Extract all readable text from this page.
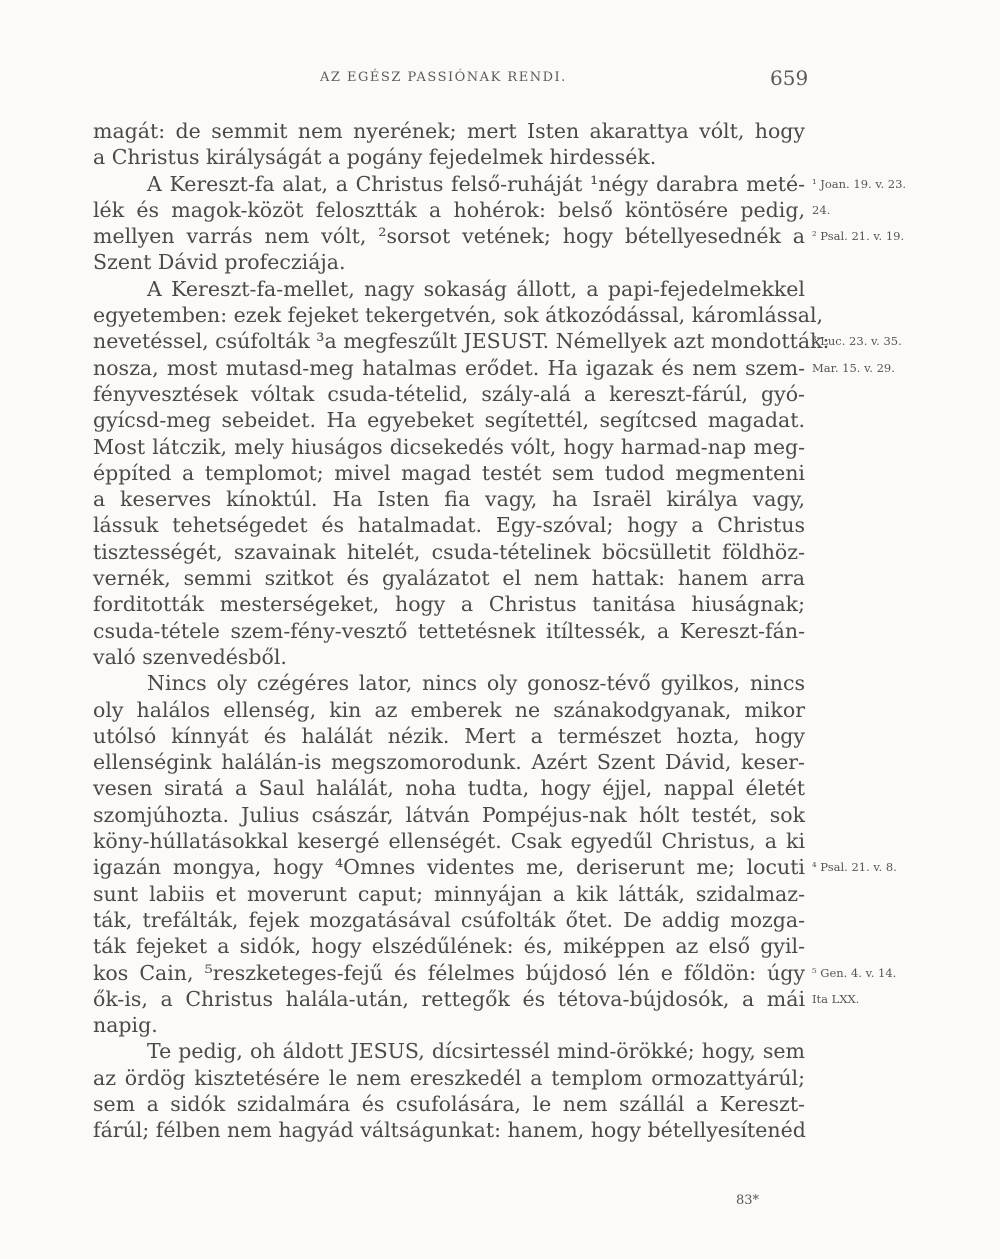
AZ EGÉSZ PASSIÓNAK RENDI.	659
magát: de semmit nem nyerének; mert Isten akarattya vólt, hogy
a Christus királyságát a pogány fejedelmek hirdessék.
A Kereszt-fa alat, a Christus felső-ruháját ¹négy darabra meté-
lék és magok-közöt felosztták a hohérok: belső köntösére pedig,
mellyen varrás nem vólt, ²sorsot vetének; hogy bétellyesednék a
Szent Dávid profecziája.
A Kereszt-fa-mellet, nagy sokaság állott, a papi-fejedelmekkel
egyetemben: ezek fejeket tekergetvén, sok átkozódással, káromlással,
nevetéssel, csúfolták ³a megfeszűlt JESUST. Némellyek azt mondották:
nosza, most mutasd-meg hatalmas erődet. Ha igazak és nem szem-
fényvesztések vóltak csuda-tételid, szály-alá a kereszt-fárúl, gyó-
gyícsd-meg sebeidet. Ha egyebeket segítettél, segítcsed magadat.
Most látczik, mely hiuságos dicsekedés vólt, hogy harmad-nap meg-
éppíted a templomot; mivel magad testét sem tudod megmenteni
a keserves kínoktúl. Ha Isten fia vagy, ha Israël királya vagy,
lássuk tehetségedet és hatalmadat. Egy-szóval; hogy a Christus
tisztességét, szavainak hitelét, csuda-tételinek böcsülletit földhöz-
vernék, semmi szitkot és gyalázatot el nem hattak: hanem arra
forditották mesterségeket, hogy a Christus tanitása hiuságnak;
csuda-tétele szem-fény-vesztő tettetésnek itíltessék, a Kereszt-fán-
való szenvedésből.
Nincs oly czégéres lator, nincs oly gonosz-tévő gyilkos, nincs
oly halálos ellenség, kin az emberek ne szánakodgyanak, mikor
utólsó kínnyát és halálát nézik. Mert a természet hozta, hogy
ellenségink halálán-is megszomorodunk. Azért Szent Dávid, keser-
vesen siratá a Saul halálát, noha tudta, hogy éjjel, nappal életét
szomjúhozta. Julius császár, látván Pompéjus-nak hólt testét, sok
köny-húllatásokkal kesergé ellenségét. Csak egyedűl Christus, a ki
igazán mongya, hogy ⁴Omnes videntes me, deriserunt me; locuti
sunt labiis et moverunt caput; minnyájan a kik látták, szidalmaz-
ták, trefálták, fejek mozgatásával csúfolták őtet. De addig mozga-
ták fejeket a sidók, hogy elszédűlének: és, miképpen az első gyil-
kos Cain, ⁵reszketeges-fejű és félelmes bújdosó lén e főldön: úgy
ők-is, a Christus halála-után, rettegők és tétova-bújdosók, a mái
napig.
Te pedig, oh áldott JESUS, dícsirtessél mind-örökké; hogy, sem
az ördög kisztetésére le nem ereszkedél a templom ormozattyárúl;
sem a sidók szidalmára és csufolására, le nem szállál a Kereszt-
fárúl; félben nem hagyád váltságunkat: hanem, hogy bétellyesítenéd
¹ Joan. 19. v. 23.
24.
² Psal. 21. v. 19.
³ Luc. 23. v. 35.
Mar. 15. v. 29.
⁴ Psal. 21. v. 8.
⁵ Gen. 4. v. 14.
Ita LXX.
83*
